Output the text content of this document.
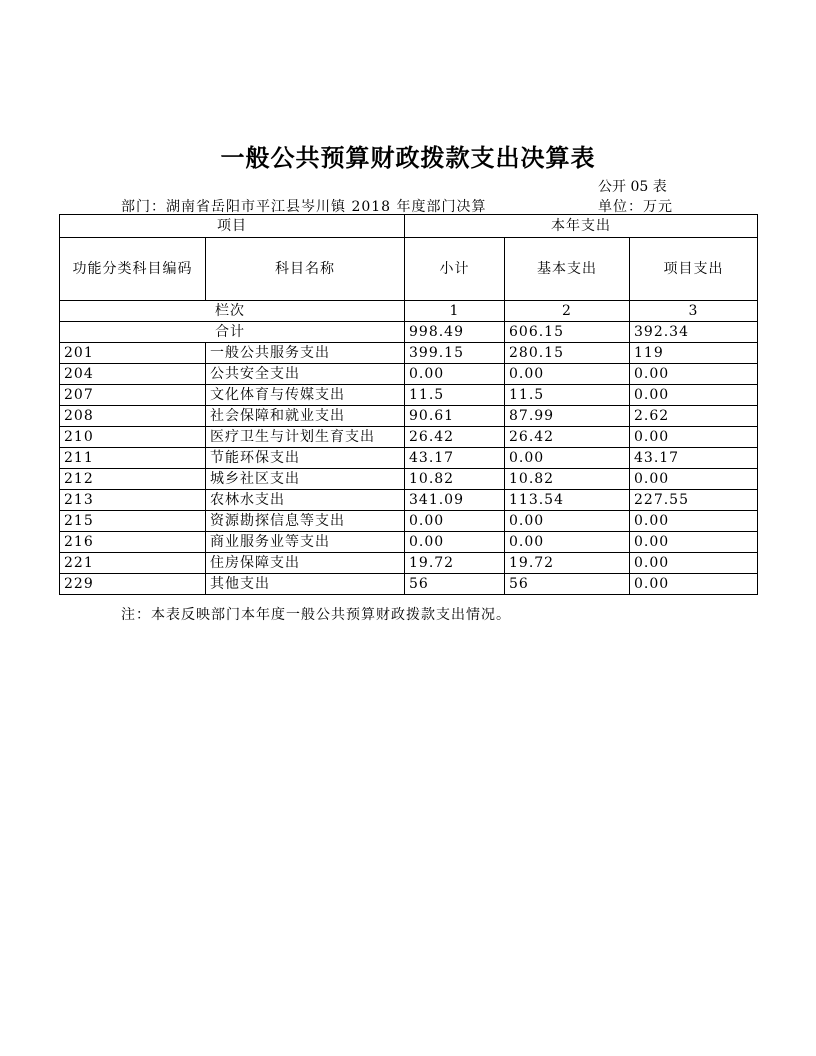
一般公共预算财政拨款支出决算表
公开 05 表
部门：湖南省岳阳市平江县岑川镇 2018 年度部门决算	单位：万元
项目		本年支出		
功能分类科目编码	科目名称	小计	基本支出	项目支出
栏次		1	2	3
合计		998.49	606.15	392.34
201	一般公共服务支出	399.15	280.15	119
204	公共安全支出	0.00	0.00	0.00
207	文化体育与传媒支出	11.5	11.5	0.00
208	社会保障和就业支出	90.61	87.99	2.62
210	医疗卫生与计划生育支出	26.42	26.42	0.00
211	节能环保支出	43.17	0.00	43.17
212	城乡社区支出	10.82	10.82	0.00
213	农林水支出	341.09	113.54	227.55
215	资源勘探信息等支出	0.00	0.00	0.00
216	商业服务业等支出	0.00	0.00	0.00
221	住房保障支出	19.72	19.72	0.00
229	其他支出	56	56	0.00
注：本表反映部门本年度一般公共预算财政拨款支出情况。
